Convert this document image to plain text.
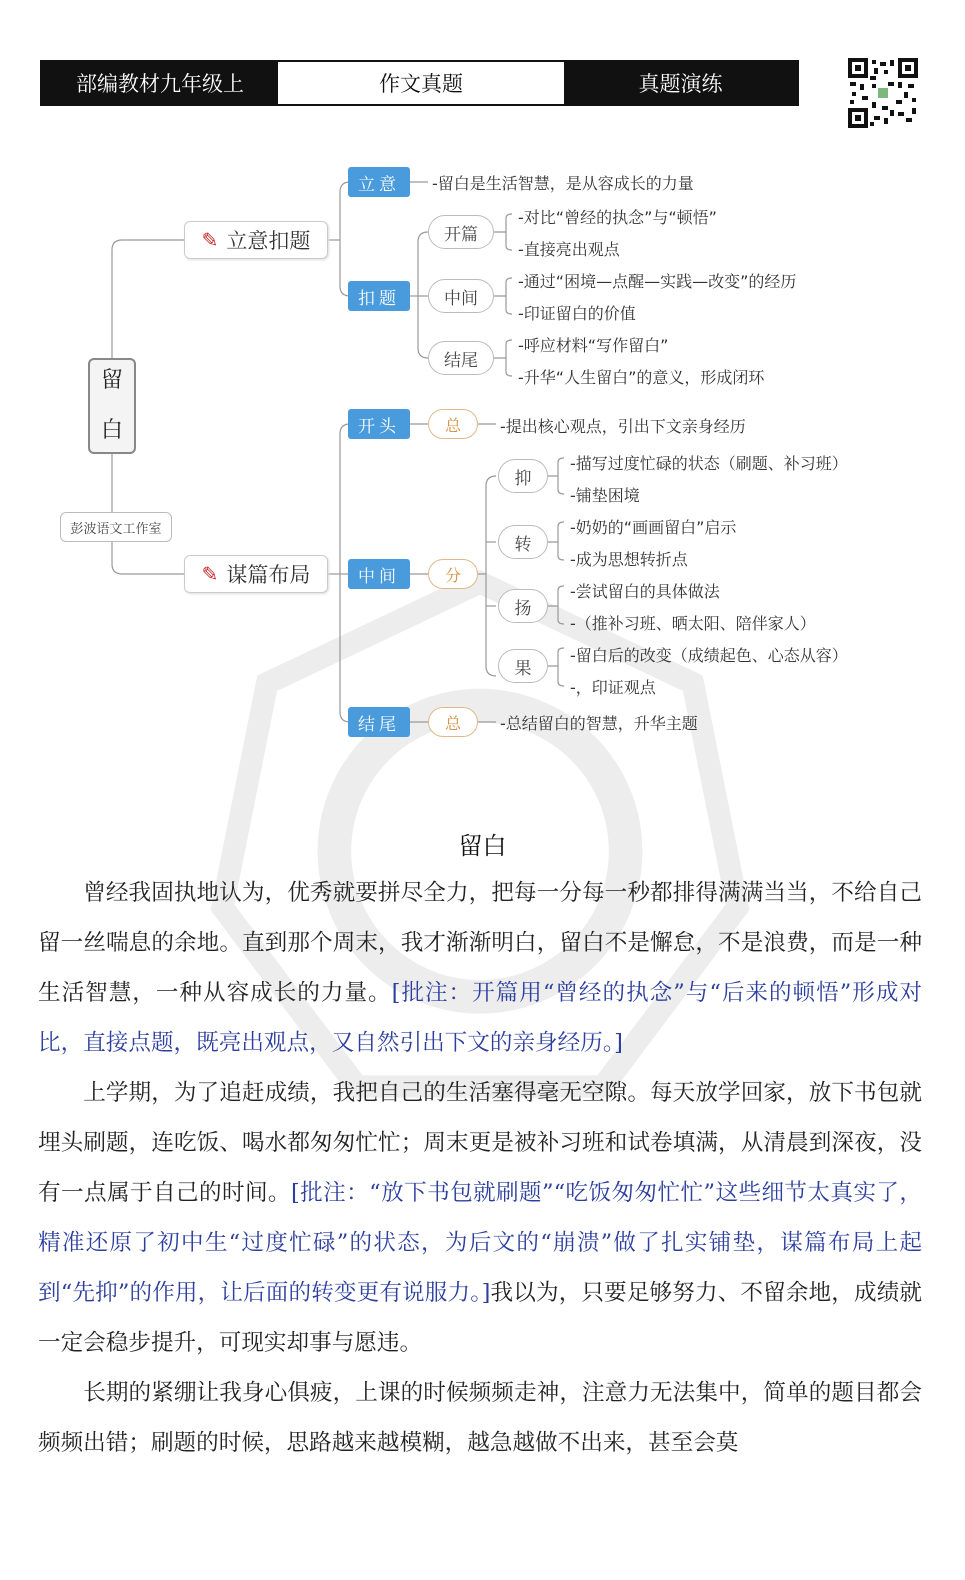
部编教材九年级上	作文真题	真题演练
留
白
彭波语文工作室
✎ 立意扣题
立意	-留白是生活智慧，是从容成长的力量
扣题
开篇
-对比“曾经的执念”与“顿悟”
-直接亮出观点
中间
-通过“困境—点醒—实践—改变”的经历
-印证留白的价值
结尾
-呼应材料“写作留白”
-升华“人生留白”的意义，形成闭环
✎ 谋篇布局
开头	总	-提出核心观点，引出下文亲身经历
中间	分
抑
-描写过度忙碌的状态（刷题、补习班）
-铺垫困境
转
-奶奶的“画画留白”启示
-成为思想转折点
扬
-尝试留白的具体做法
-（推补习班、晒太阳、陪伴家人）
果
-留白后的改变（成绩起色、心态从容）
-，印证观点
结尾	总	-总结留白的智慧，升华主题
留白

曾经我固执地认为，优秀就要拼尽全力，把每一分每一秒都排得满满当当，不给自己留一丝喘息的余地。直到那个周末，我才渐渐明白，留白不是懈怠，不是浪费，而是一种生活智慧，一种从容成长的力量。[批注：开篇用“曾经的执念”与“后来的顿悟”形成对比，直接点题，既亮出观点，又自然引出下文的亲身经历。]

上学期，为了追赶成绩，我把自己的生活塞得毫无空隙。每天放学回家，放下书包就埋头刷题，连吃饭、喝水都匆匆忙忙；周末更是被补习班和试卷填满，从清晨到深夜，没有一点属于自己的时间。[批注：“放下书包就刷题”“吃饭匆匆忙忙”这些细节太真实了，精准还原了初中生“过度忙碌”的状态，为后文的“崩溃”做了扎实铺垫，谋篇布局上起到“先抑”的作用，让后面的转变更有说服力。]我以为，只要足够努力、不留余地，成绩就一定会稳步提升，可现实却事与愿违。

长期的紧绷让我身心俱疲，上课的时候频频走神，注意力无法集中，简单的题目都会频频出错；刷题的时候，思路越来越模糊，越急越做不出来，甚至会莫
